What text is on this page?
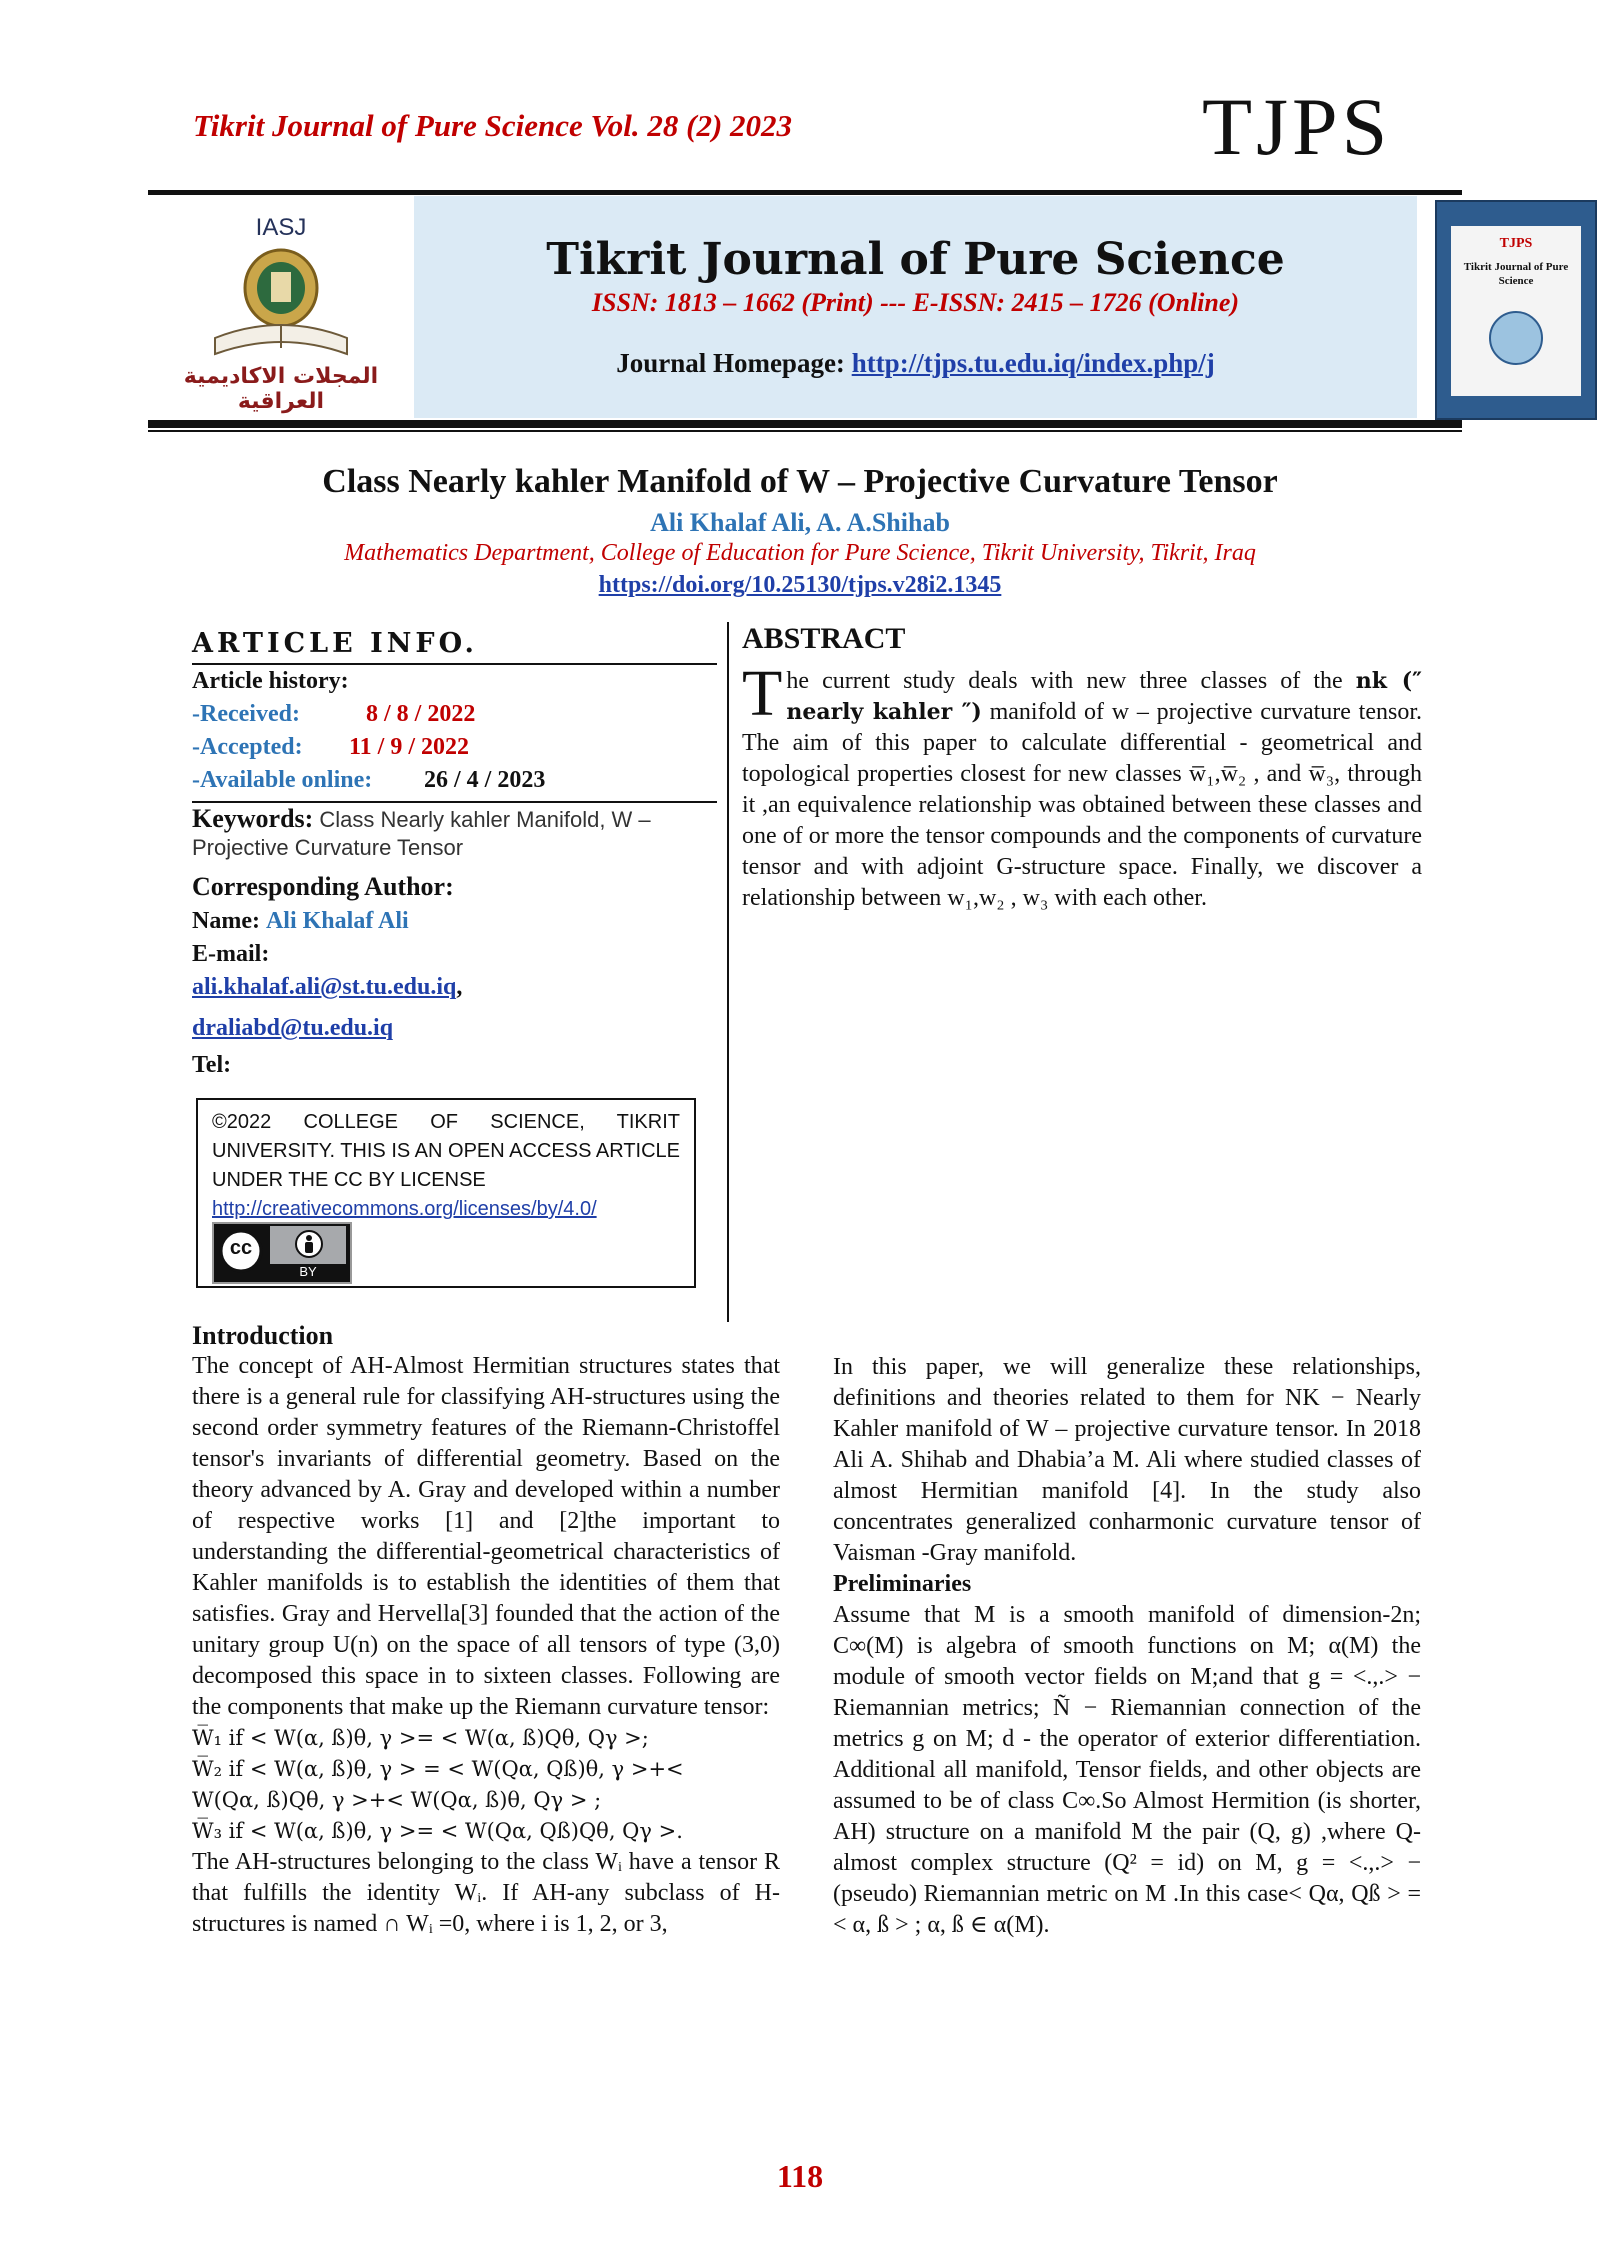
Tikrit Journal of Pure Science Vol. 28 (2) 2023	TJPS
IASJ
المجلات الاكاديمية العراقية
Tikrit Journal of Pure Science
ISSN: 1813 – 1662 (Print) --- E-ISSN: 2415 – 1726 (Online)
Journal Homepage: http://tjps.tu.edu.iq/index.php/j
TJPS
Tikrit Journal of Pure Science
Class Nearly kahler Manifold of W – Projective Curvature Tensor
Ali Khalaf Ali, A. A.Shihab
Mathematics Department, College of Education for Pure Science, Tikrit University, Tikrit, Iraq
https://doi.org/10.25130/tjps.v28i2.1345
ARTICLE INFO.
Article history:
-Received:	8 / 8 / 2022
-Accepted: 11 / 9 / 2022
-Available online: 26 / 4 / 2023
Keywords: Class Nearly kahler Manifold, W – Projective Curvature Tensor
Corresponding Author:
Name: Ali Khalaf Ali
E-mail:
ali.khalaf.ali@st.tu.edu.iq,
draliabd@tu.edu.iq
Tel:
©2022 COLLEGE OF SCIENCE, TIKRIT UNIVERSITY. THIS IS AN OPEN ACCESS ARTICLE UNDER THE CC BY LICENSE
http://creativecommons.org/licenses/by/4.0/
cc
BY
ABSTRACT
The current study deals with new three classes of the nk (″ nearly kahler ″) manifold of w – projective curvature tensor. The aim of this paper to calculate differential - geometrical and topological properties closest for new classes w̅₁,w̅₂ , and w̅₃, through it ,an equivalence relationship was obtained between these classes and one of or more the tensor compounds and the components of curvature tensor and with adjoint G-structure space. Finally, we discover a relationship between w₁,w₂ , w₃ with each other.
Introduction
The concept of AH-Almost Hermitian structures states that there is a general rule for classifying AH-structures using the second order symmetry features of the Riemann-Christoffel tensor's invariants of differential geometry. Based on the theory advanced by A. Gray and developed within a number of respective works [1] and [2]the important to understanding the differential-geometrical characteristics of Kahler manifolds is to establish the identities of them that satisfies. Gray and Hervella[3] founded that the action of the unitary group U(n) on the space of all tensors of type (3,0) decomposed this space in to sixteen classes. Following are the components that make up the Riemann curvature tensor:
W̅₁ if < W(α, ß)θ, γ >= < W(α, ß)Qθ, Qγ >;
W̅₂ if < W(α, ß)θ, γ > = < W(Qα, Qß)θ, γ >+<
W(Qα, ß)Qθ, γ >+< W(Qα, ß)θ, Qγ > ;
W̅₃ if < W(α, ß)θ, γ >= < W(Qα, Qß)Qθ, Qγ >.
The AH-structures belonging to the class Wᵢ have a tensor R that fulfills the identity Wᵢ. If AH-any subclass of H-structures is named ∩ Wᵢ =0, where i is 1, 2, or 3,
In this paper, we will generalize these relationships, definitions and theories related to them for NK − Nearly Kahler manifold of W – projective curvature tensor. In 2018 Ali A. Shihab and Dhabia’a M. Ali where studied classes of almost Hermitian manifold [4]. In the study also concentrates generalized conharmonic curvature tensor of Vaisman -Gray manifold.
Preliminaries
Assume that M is a smooth manifold of dimension-2n; C∞(M) is algebra of smooth functions on M; α(M) the module of smooth vector fields on M;and that g = <.,.> − Riemannian metrics; Ñ − Riemannian connection of the metrics g on M; d - the operator of exterior differentiation. Additional all manifold, Tensor fields, and other objects are assumed to be of class C∞.So Almost Hermition (is shorter, AH) structure on a manifold M the pair (Q, g) ,where Q-almost complex structure (Q² = id) on M, g = <.,.> −(pseudo) Riemannian metric on M .In this case< Qα, Qß > = < α, ß > ; α, ß ∈ α(M).
118
